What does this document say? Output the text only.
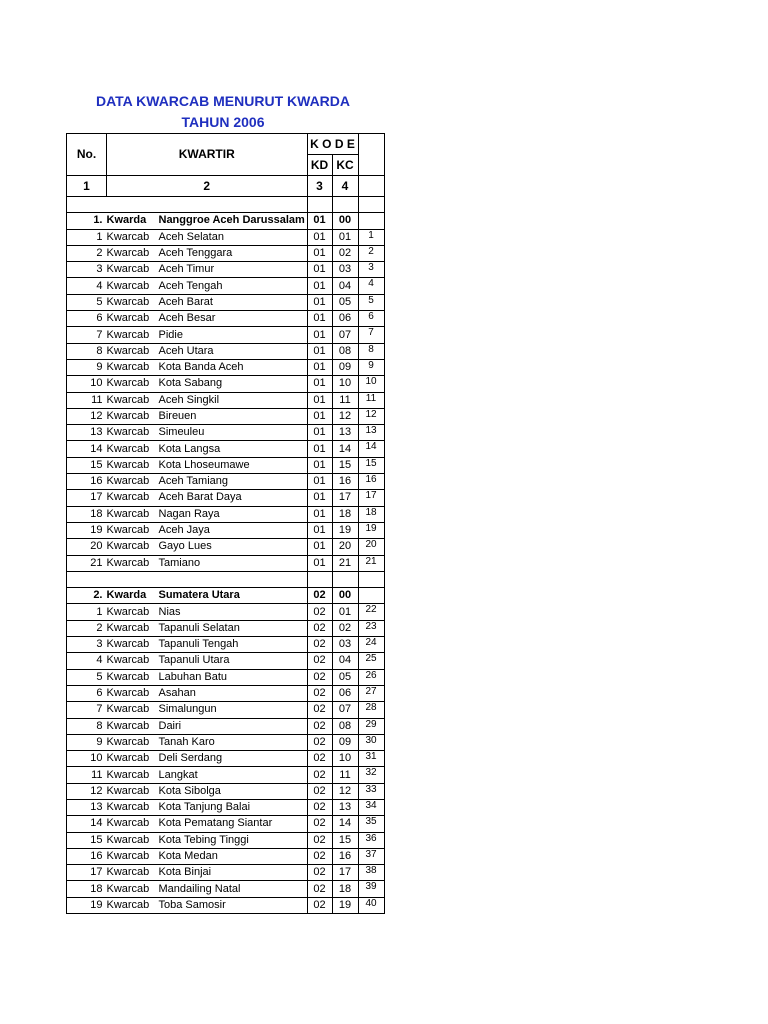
DATA KWARCAB MENURUT KWARDA
TAHUN 2006
No.	KWARTIR	K O D E		
		KD	KC	
1	2	3	4	

1.	Kwarda Nanggroe Aceh Darussalam	01	00	
1	Kwarcab Aceh Selatan	01	01	1
2	Kwarcab Aceh Tenggara	01	02	2
3	Kwarcab Aceh Timur	01	03	3
4	Kwarcab Aceh Tengah	01	04	4
5	Kwarcab Aceh Barat	01	05	5
6	Kwarcab Aceh Besar	01	06	6
7	Kwarcab Pidie	01	07	7
8	Kwarcab Aceh Utara	01	08	8
9	Kwarcab Kota Banda Aceh	01	09	9
10	Kwarcab Kota Sabang	01	10	10
11	Kwarcab Aceh Singkil	01	11	11
12	Kwarcab Bireuen	01	12	12
13	Kwarcab Simeuleu	01	13	13
14	Kwarcab Kota Langsa	01	14	14
15	Kwarcab Kota Lhoseumawe	01	15	15
16	Kwarcab Aceh Tamiang	01	16	16
17	Kwarcab Aceh Barat Daya	01	17	17
18	Kwarcab Nagan Raya	01	18	18
19	Kwarcab Aceh Jaya	01	19	19
20	Kwarcab Gayo Lues	01	20	20
21	Kwarcab Tamiano	01	21	21

2.	Kwarda Sumatera Utara	02	00	
1	Kwarcab Nias	02	01	22
2	Kwarcab Tapanuli Selatan	02	02	23
3	Kwarcab Tapanuli Tengah	02	03	24
4	Kwarcab Tapanuli Utara	02	04	25
5	Kwarcab Labuhan Batu	02	05	26
6	Kwarcab Asahan	02	06	27
7	Kwarcab Simalungun	02	07	28
8	Kwarcab Dairi	02	08	29
9	Kwarcab Tanah Karo	02	09	30
10	Kwarcab Deli Serdang	02	10	31
11	Kwarcab Langkat	02	11	32
12	Kwarcab Kota Sibolga	02	12	33
13	Kwarcab Kota Tanjung Balai	02	13	34
14	Kwarcab Kota Pematang Siantar	02	14	35
15	Kwarcab Kota Tebing Tinggi	02	15	36
16	Kwarcab Kota Medan	02	16	37
17	Kwarcab Kota Binjai	02	17	38
18	Kwarcab Mandailing Natal	02	18	39
19	Kwarcab Toba Samosir	02	19	40
